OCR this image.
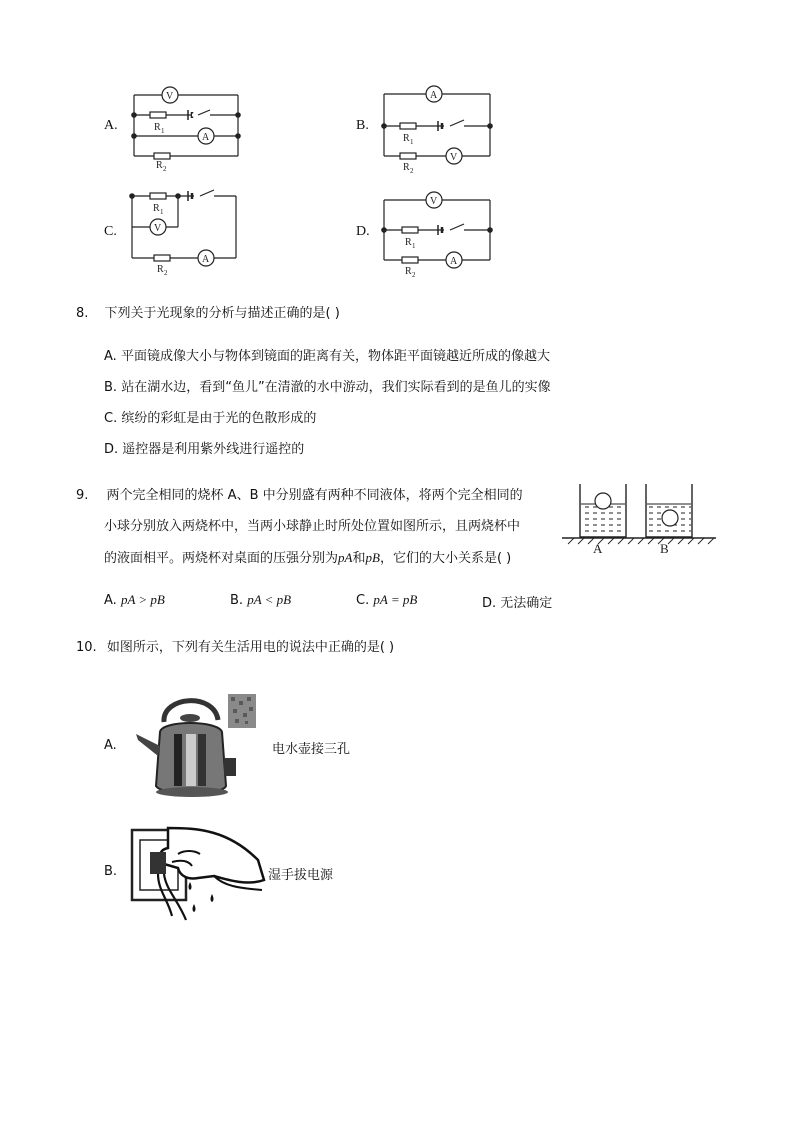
A.
V
R 1
A
R 2
B.
A
R 1
R 2
V
C.
R 1
V
R 2
A
D.
V
R 1
R 2
A
8. 下列关于光现象的分析与描述正确的是( )
A. 平面镜成像大小与物体到镜面的距离有关，物体距平面镜越近所成的像越大
B. 站在湖水边，看到“鱼儿”在清澈的水中游动，我们实际看到的是鱼儿的实像
C. 缤纷的彩虹是由于光的色散形成的
D. 遥控器是利用紫外线进行遥控的
9. 两个完全相同的烧杯 A、B 中分别盛有两种不同液体，将两个完全相同的
小球分别放入两烧杯中，当两小球静止时所处位置如图所示，且两烧杯中
的液面相平。两烧杯对桌面的压强分别为pA和pB，它们的大小关系是( )
A	B
A. pA > pB	B. pA < pB	C. pA = pB	D. 无法确定
10. 如图所示，下列有关生活用电的说法中正确的是( )
A.	电水壶接三孔
B.	湿手拔电源
